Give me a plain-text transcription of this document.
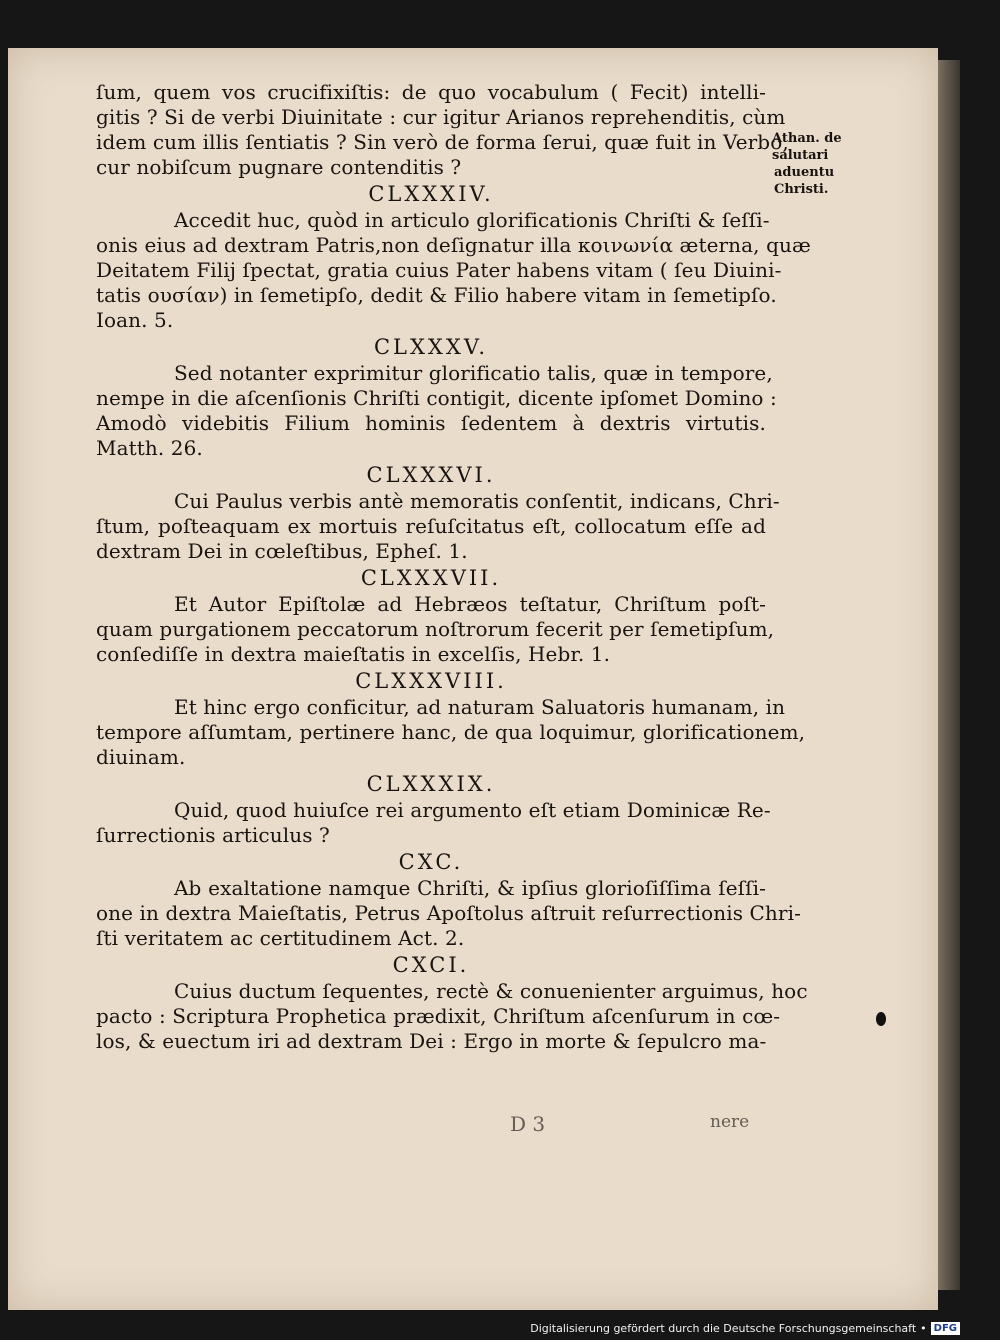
Athan. de
salutari
aduentu
Christi.
ſum, quem vos crucifixiſtis: de quo vocabulum ( Fecit) intelli-
gitis ? Si de verbi Diuinitate : cur igitur Arianos reprehenditis, cùm
idem cum illis ſentiatis ? Sin verò de forma ſerui, quæ fuit in Verbo,
cur nobiſcum pugnare contenditis ?
CLXXXIV.
Accedit huc, quòd in articulo glorificationis Chriſti & ſeſſi-
onis eius ad dextram Patris,non deſignatur illa κοινωνία æterna, quæ
Deitatem Filij ſpectat, gratia cuius Pater habens vitam ( ſeu Diuini-
tatis ουσίαν) in ſemetipſo, dedit & Filio habere vitam in ſemetipſo.
Ioan. 5.
CLXXXV.
Sed notanter exprimitur glorificatio talis, quæ in tempore,
nempe in die aſcenſionis Chriſti contigit, dicente ipſomet Domino :
Amodò videbitis Filium hominis ſedentem à dextris virtutis.
Matth. 26.
CLXXXVI.
Cui Paulus verbis antè memoratis conſentit, indicans, Chri-
ſtum, poſteaquam ex mortuis reſuſcitatus eſt, collocatum eſſe ad
dextram Dei in cœleſtibus, Epheſ. 1.
CLXXXVII.
Et Autor Epiſtolæ ad Hebræos teſtatur, Chriſtum poſt-
quam purgationem peccatorum noſtrorum fecerit per ſemetipſum,
conſediſſe in dextra maieſtatis in excelſis, Hebr. 1.
CLXXXVIII.
Et hinc ergo conficitur, ad naturam Saluatoris humanam, in
tempore aſſumtam, pertinere hanc, de qua loquimur, glorificationem,
diuinam.
CLXXXIX.
Quid, quod huiuſce rei argumento eſt etiam Dominicæ Re-
ſurrectionis articulus ?
CXC.
Ab exaltatione namque Chriſti, & ipſius glorioſiſſima ſeſſi-
one in dextra Maieſtatis, Petrus Apoſtolus aſtruit reſurrectionis Chri-
ſti veritatem ac certitudinem Act. 2.
CXCI.
Cuius ductum ſequentes, rectè & conuenienter arguimus, hoc
pacto : Scriptura Prophetica prædixit, Chriſtum aſcenſurum in cœ-
los, & euectum iri ad dextram Dei : Ergo in morte & ſepulcro ma-
D 3	nere
Digitalisierung gefördert durch die Deutsche Forschungsgemeinschaft • DFG
